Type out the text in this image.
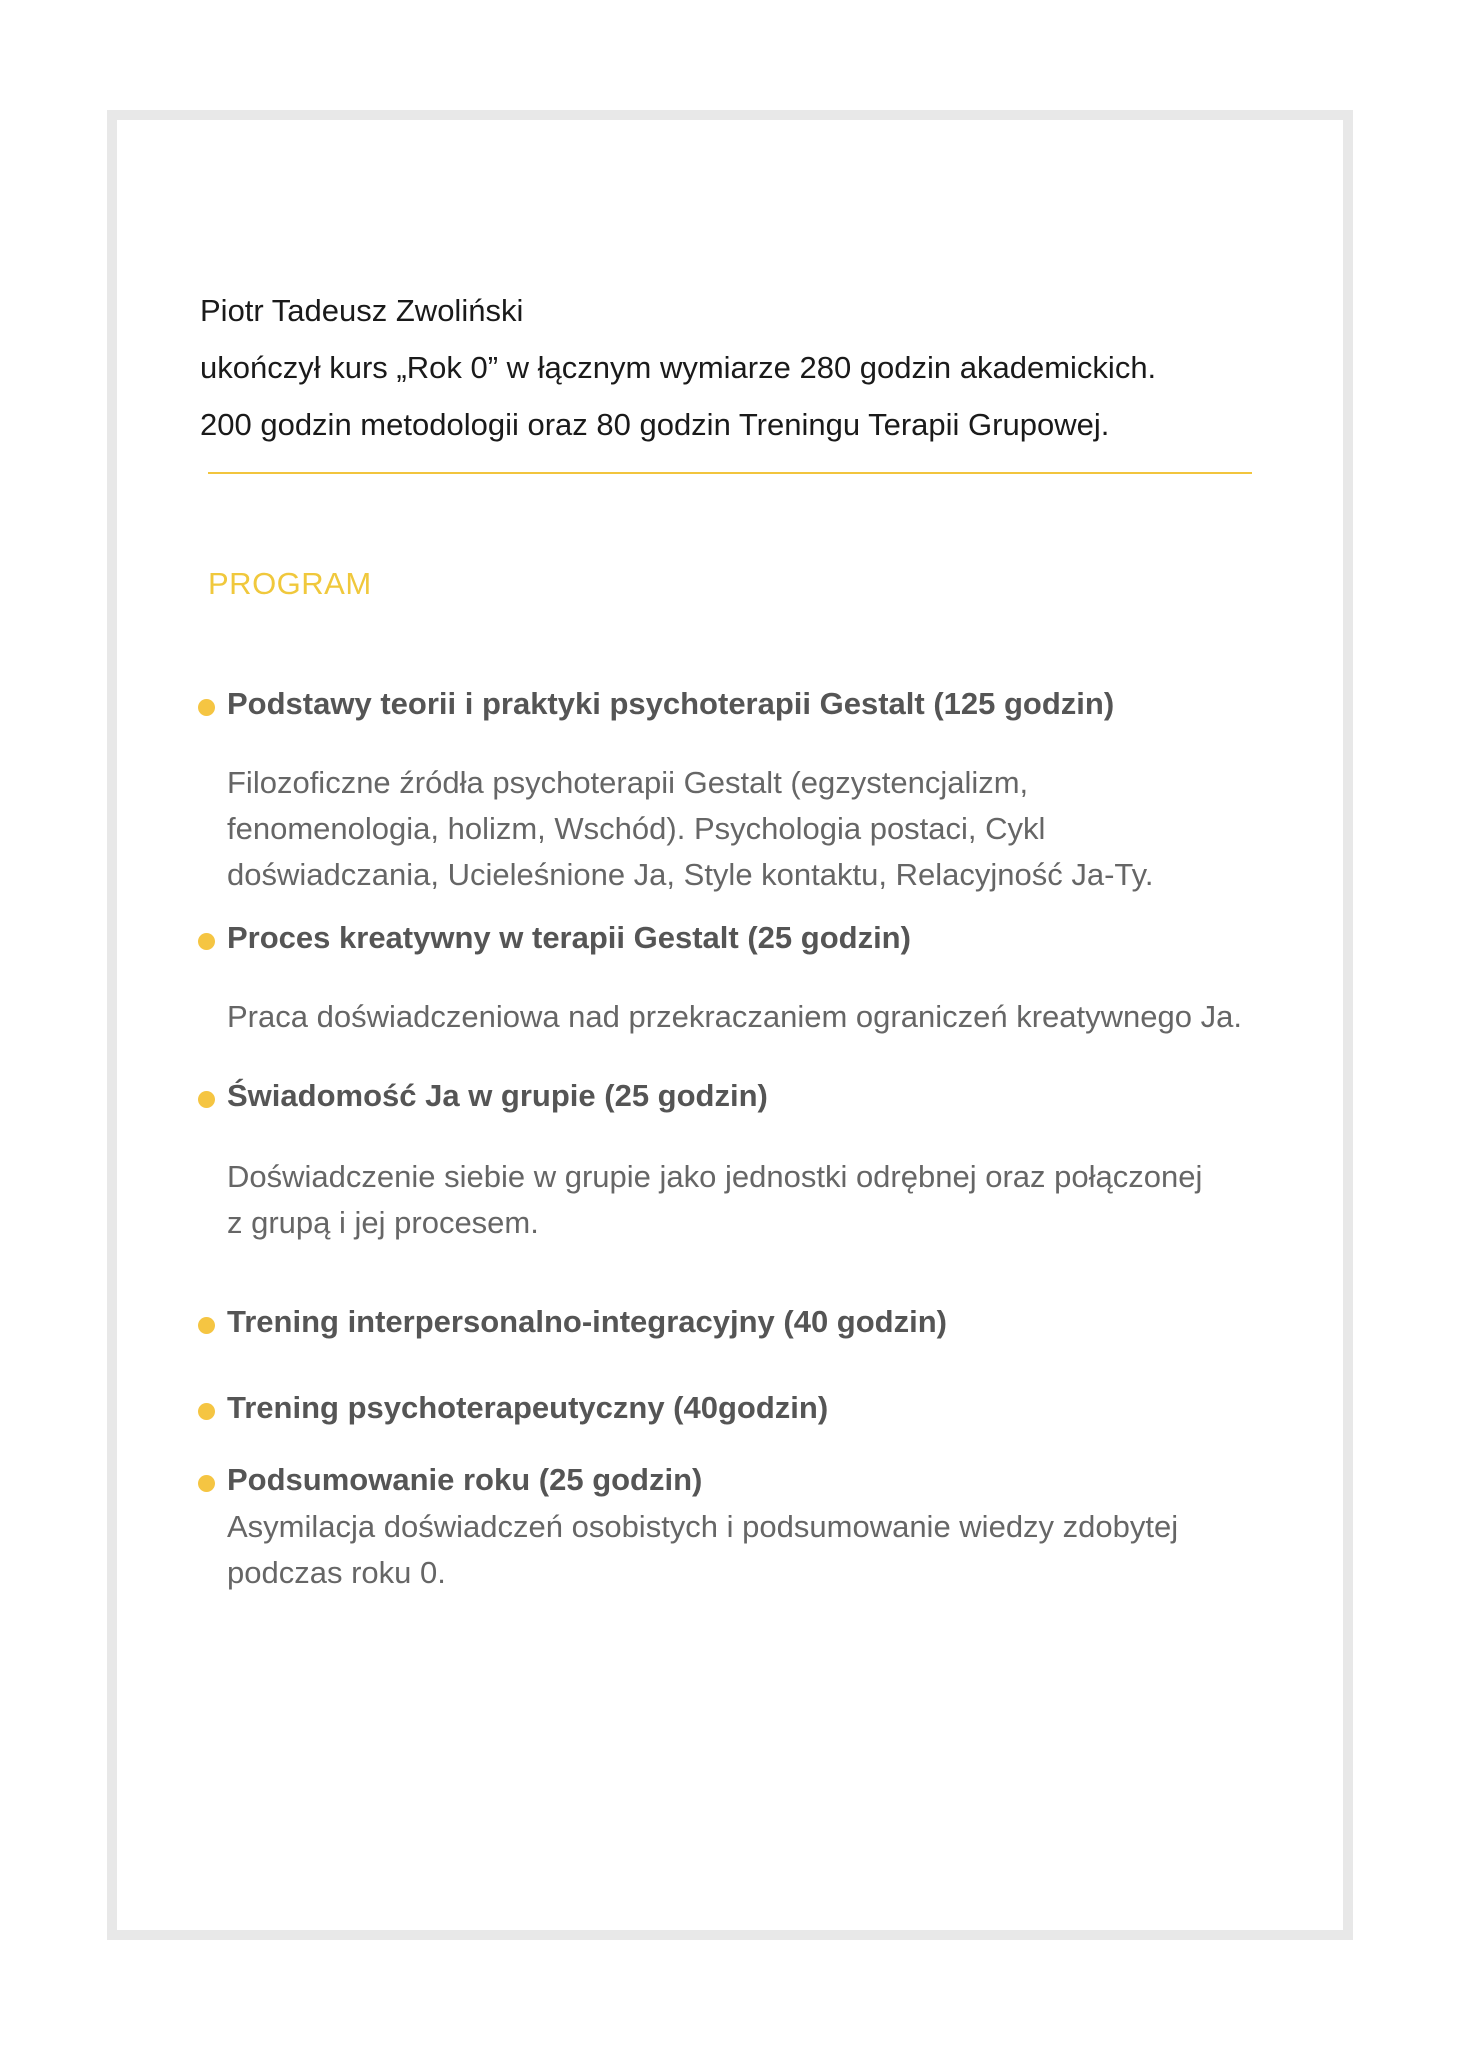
Piotr Tadeusz Zwoliński

ukończył kurs „Rok 0” w łącznym wymiarze 280 godzin akademickich.

200 godzin metodologii oraz 80 godzin Treningu Terapii Grupowej.

PROGRAM
Podstawy teorii i praktyki psychoterapii Gestalt (125 godzin)
Filozoficzne źródła psychoterapii Gestalt (egzystencjalizm,
fenomenologia, holizm, Wschód). Psychologia postaci, Cykl
doświadczania, Ucieleśnione Ja, Style kontaktu, Relacyjność Ja-Ty.
Proces kreatywny w terapii Gestalt (25 godzin)
Praca doświadczeniowa nad przekraczaniem ograniczeń kreatywnego Ja.
Świadomość Ja w grupie (25 godzin)
Doświadczenie siebie w grupie jako jednostki odrębnej oraz połączonej
z grupą i jej procesem.
Trening interpersonalno-integracyjny (40 godzin)
Trening psychoterapeutyczny (40godzin)
Podsumowanie roku (25 godzin)
Asymilacja doświadczeń osobistych i podsumowanie wiedzy zdobytej
podczas roku 0.
